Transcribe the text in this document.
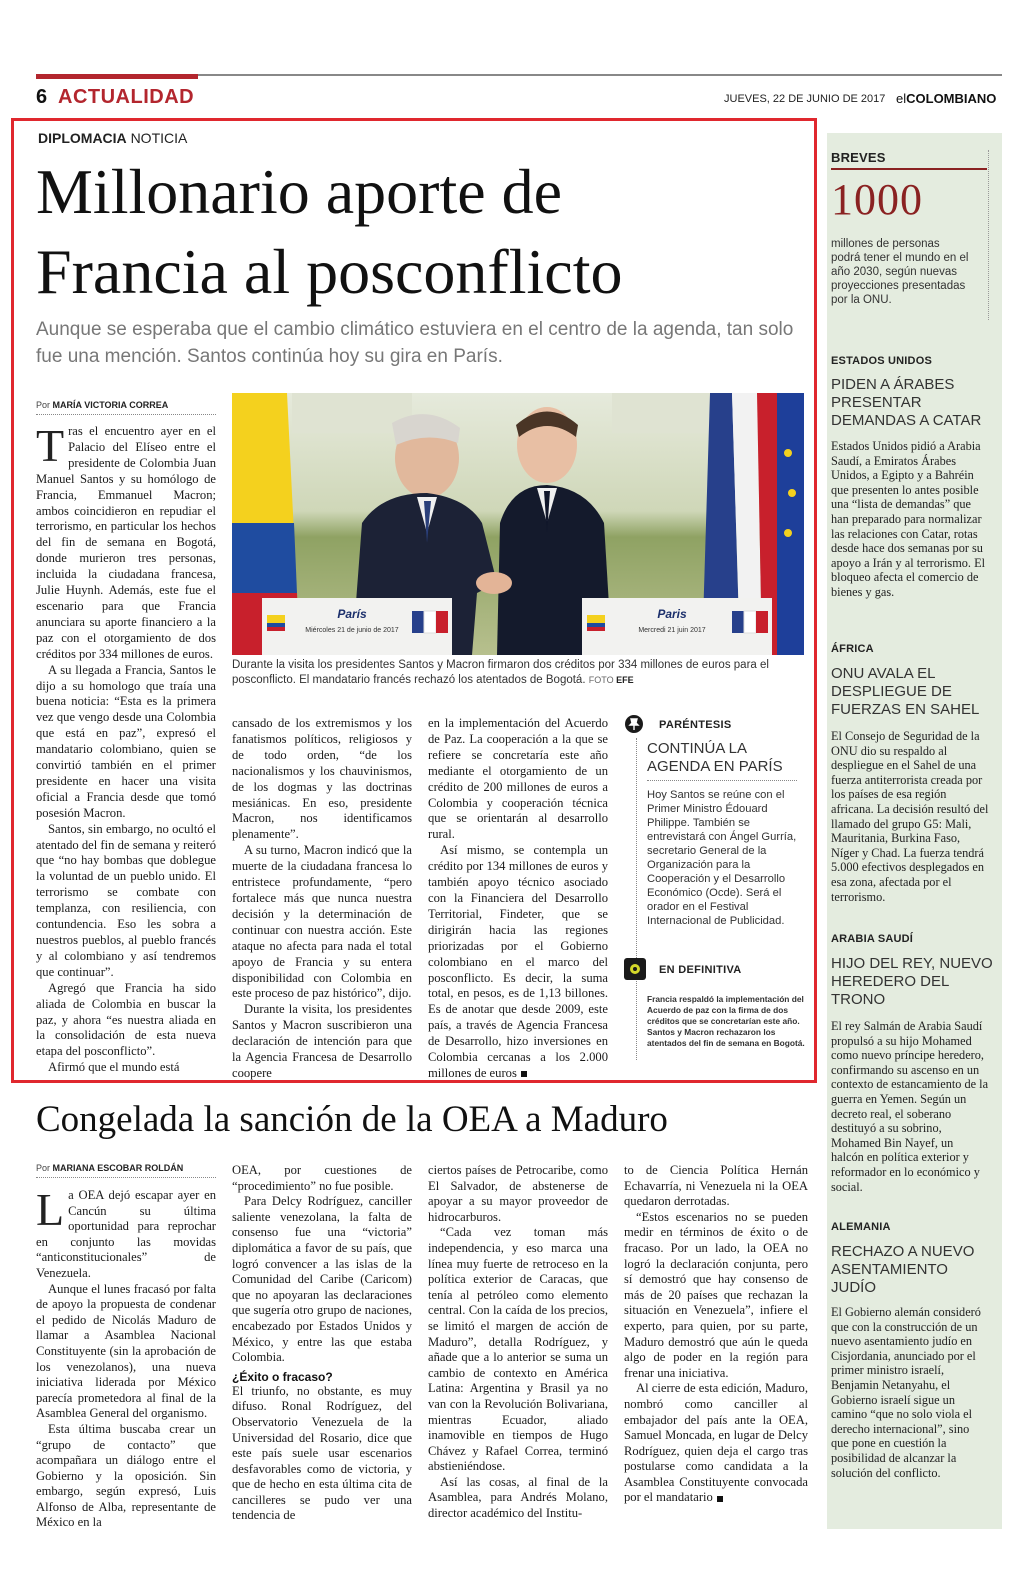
6 ACTUALIDAD	JUEVES, 22 DE JUNIO DE 2017 elCOLOMBIANO
DIPLOMACIA NOTICIA
Millonario aporte de
Francia al posconflicto
Aunque se esperaba que el cambio climático estuviera en el centro de la agenda, tan solo fue una mención. Santos continúa hoy su gira en París.
Por MARÍA VICTORIA CORREA

Tras el encuentro ayer en el Palacio del Elíseo entre el presidente de Colombia Juan Manuel Santos y su homólogo de Francia, Emmanuel Macron; ambos coincidieron en repudiar el terrorismo, en particular los hechos del fin de semana en Bogotá, donde murieron tres personas, incluida la ciudadana francesa, Julie Huynh. Además, este fue el escenario para que Francia anunciara su aporte financiero a la paz con el otorgamiento de dos créditos por 334 millones de euros.

A su llegada a Francia, Santos le dijo a su homologo que traía una buena noticia: “Esta es la primera vez que vengo desde una Colombia que está en paz”, expresó el mandatario colombiano, quien se convirtió también en el primer presidente en hacer una visita oficial a Francia desde que tomó posesión Macron.

Santos, sin embargo, no ocultó el atentado del fin de semana y reiteró que “no hay bombas que doblegue la voluntad de un pueblo unido. El terrorismo se combate con templanza, con resiliencia, con contundencia. Eso les sobra a nuestros pueblos, al pueblo francés y al colombiano y así tendremos que continuar”.

Agregó que Francia ha sido aliada de Colombia en buscar la paz, y ahora “es nuestra aliada en la consolidación de esta nueva etapa del posconflicto”.

Afirmó que el mundo está

París
Miércoles 21 de junio de 2017
Paris
Mercredi 21 juin 2017
Durante la visita los presidentes Santos y Macron firmaron dos créditos por 334 millones de euros para el posconflicto. El mandatario francés rechazó los atentados de Bogotá. FOTO EFE

cansado de los extremismos y los fanatismos políticos, religiosos y de todo orden, “de los nacionalismos y los chauvinismos, de los dogmas y las doctrinas mesiánicas. En eso, presidente Macron, nos identificamos plenamente”.

A su turno, Macron indicó que la muerte de la ciudadana francesa lo entristece profundamente, “pero fortalece más que nunca nuestra decisión y la determinación de continuar con nuestra acción. Este ataque no afecta para nada el total apoyo de Francia y su entera disponibilidad con Colombia en este proceso de paz histórico”, dijo.

Durante la visita, los presidentes Santos y Macron suscribieron una declaración de intención para que la Agencia Francesa de Desarrollo coopere

en la implementación del Acuerdo de Paz. La cooperación a la que se refiere se concretaría este año mediante el otorgamiento de un crédito de 200 millones de euros a Colombia y cooperación técnica que se orientarán al desarrollo rural.

Así mismo, se contempla un crédito por 134 millones de euros y también apoyo técnico asociado con la Financiera del Desarrollo Territorial, Findeter, que se dirigirán hacia las regiones priorizadas por el Gobierno colombiano en el marco del posconflicto. Es decir, la suma total, en pesos, es de 1,13 billones. Es de anotar que desde 2009, este país, a través de Agencia Francesa de Desarrollo, hizo inversiones en Colombia cercanas a los 2.000 millones de euros

PARÉNTESIS
CONTINÚA LA AGENDA EN PARÍS
Hoy Santos se reúne con el Primer Ministro Édouard Philippe. También se entrevistará con Ángel Gurría, secretario General de la Organización para la Cooperación y el Desarrollo Económico (Ocde). Será el orador en el Festival Internacional de Publicidad.
EN DEFINITIVA
Francia respaldó la implementación del Acuerdo de paz con la firma de dos créditos que se concretarían este año. Santos y Macron rechazaron los atentados del fin de semana en Bogotá.
BREVES
1000
millones de personas podrá tener el mundo en el año 2030, según nuevas proyecciones presentadas por la ONU.
ESTADOS UNIDOS
PIDEN A ÁRABES PRESENTAR DEMANDAS A CATAR
Estados Unidos pidió a Arabia Saudí, a Emiratos Árabes Unidos, a Egipto y a Bahréin que presenten lo antes posible una “lista de demandas” que han preparado para normalizar las relaciones con Catar, rotas desde hace dos semanas por su apoyo a Irán y al terrorismo. El bloqueo afecta el comercio de bienes y gas.
ÁFRICA
ONU AVALA EL DESPLIEGUE DE FUERZAS EN SAHEL
El Consejo de Seguridad de la ONU dio su respaldo al despliegue en el Sahel de una fuerza antiterrorista creada por los países de esa región africana. La decisión resultó del llamado del grupo G5: Mali, Mauritania, Burkina Faso, Níger y Chad. La fuerza tendrá 5.000 efectivos desplegados en esa zona, afectada por el terrorismo.
ARABIA SAUDÍ
HIJO DEL REY, NUEVO HEREDERO DEL TRONO
El rey Salmán de Arabia Saudí propulsó a su hijo Mohamed como nuevo príncipe heredero, confirmando su ascenso en un contexto de estancamiento de la guerra en Yemen. Según un decreto real, el soberano destituyó a su sobrino, Mohamed Bin Nayef, un halcón en política exterior y reformador en lo económico y social.
ALEMANIA
RECHAZO A NUEVO ASENTAMIENTO JUDÍO
El Gobierno alemán consideró que con la construcción de un nuevo asentamiento judío en Cisjordania, anunciado por el primer ministro israelí, Benjamin Netanyahu, el Gobierno israelí sigue un camino “que no solo viola el derecho internacional”, sino que pone en cuestión la posibilidad de alcanzar la solución del conflicto.
Congelada la sanción de la OEA a Maduro
Por MARIANA ESCOBAR ROLDÁN

La OEA dejó escapar ayer en Cancún su última oportunidad para reprochar en conjunto las movidas “anticonstitucionales” de Venezuela.

Aunque el lunes fracasó por falta de apoyo la propuesta de condenar el pedido de Nicolás Maduro de llamar a Asamblea Nacional Constituyente (sin la aprobación de los venezolanos), una nueva iniciativa liderada por México parecía prometedora al final de la Asamblea General del organismo.

Esta última buscaba crear un “grupo de contacto” que acompañara un diálogo entre el Gobierno y la oposición. Sin embargo, según expresó, Luis Alfonso de Alba, representante de México en la

OEA, por cuestiones de “procedimiento” no fue posible.

Para Delcy Rodríguez, canciller saliente venezolana, la falta de consenso fue una “victoria” diplomática a favor de su país, que logró convencer a las islas de la Comunidad del Caribe (Caricom) que no apoyaran las declaraciones que sugería otro grupo de naciones, encabezado por Estados Unidos y México, y entre las que estaba Colombia.

¿Éxito o fracaso?

El triunfo, no obstante, es muy difuso. Ronal Rodríguez, del Observatorio Venezuela de la Universidad del Rosario, dice que este país suele usar escenarios desfavorables como de victoria, y que de hecho en esta última cita de cancilleres se pudo ver una tendencia de

ciertos países de Petrocaribe, como El Salvador, de abstenerse de apoyar a su mayor proveedor de hidrocarburos.

“Cada vez toman más independencia, y eso marca una línea muy fuerte de retroceso en la política exterior de Caracas, que tenía al petróleo como elemento central. Con la caída de los precios, se limitó el margen de acción de Maduro”, detalla Rodríguez, y añade que a lo anterior se suma un cambio de contexto en América Latina: Argentina y Brasil ya no van con la Revolución Bolivariana, mientras Ecuador, aliado inamovible en tiempos de Hugo Chávez y Rafael Correa, terminó abstieniéndose.

Así las cosas, al final de la Asamblea, para Andrés Molano, director académico del Institu-

to de Ciencia Política Hernán Echavarría, ni Venezuela ni la OEA quedaron derrotadas.

“Estos escenarios no se pueden medir en términos de éxito o de fracaso. Por un lado, la OEA no logró la declaración conjunta, pero sí demostró que hay consenso de más de 20 países que rechazan la situación en Venezuela”, infiere el experto, para quien, por su parte, Maduro demostró que aún le queda algo de poder en la región para frenar una iniciativa.

Al cierre de esta edición, Maduro, nombró como canciller al embajador del país ante la OEA, Samuel Moncada, en lugar de Delcy Rodríguez, quien deja el cargo tras postularse como candidata a la Asamblea Constituyente convocada por el mandatario
